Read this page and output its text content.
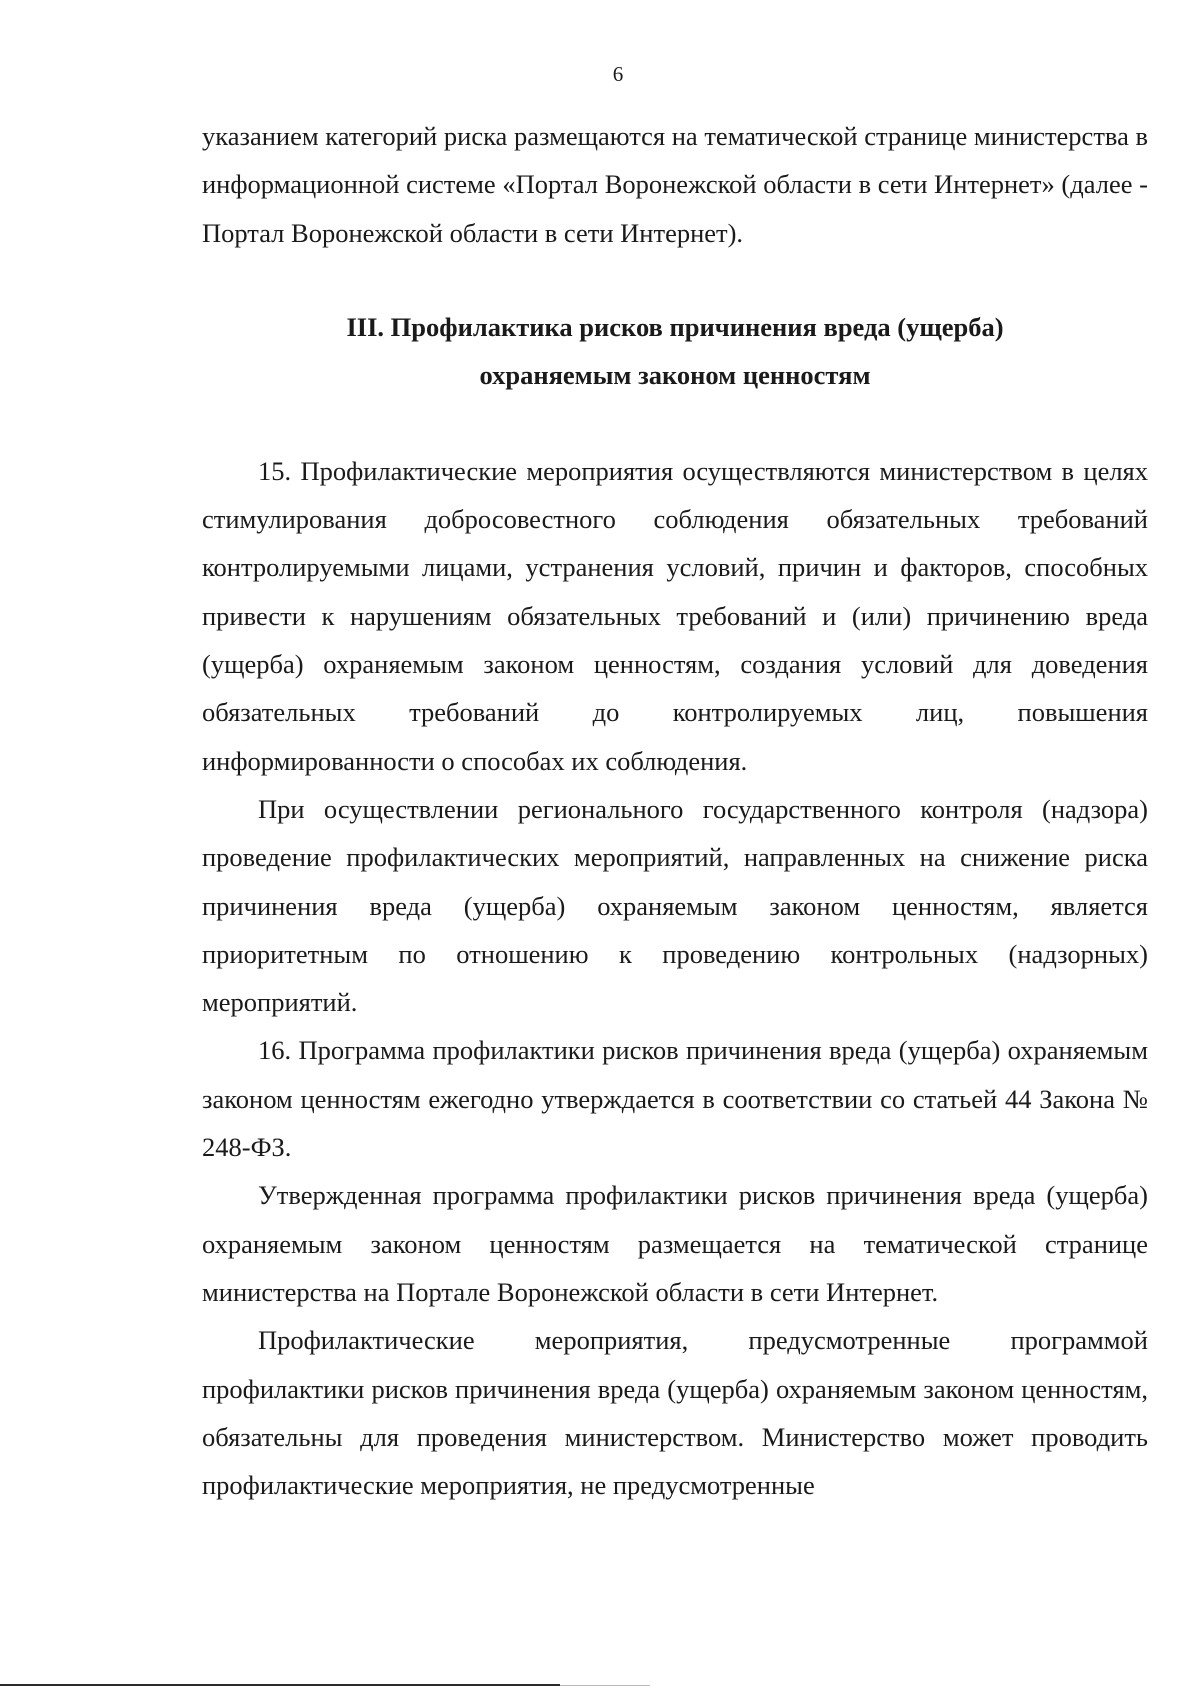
6

указанием категорий риска размещаются на тематической странице министерства в информационной системе «Портал Воронежской области в сети Интернет» (далее - Портал Воронежской области в сети Интернет).

III. Профилактика рисков причинения вреда (ущерба)

охраняемым законом ценностям

15. Профилактические мероприятия осуществляются министерством в целях стимулирования добросовестного соблюдения обязательных требований контролируемыми лицами, устранения условий, причин и факторов, способных привести к нарушениям обязательных требований и (или) причинению вреда (ущерба) охраняемым законом ценностям, создания условий для доведения обязательных требований до контролируемых лиц, повышения информированности о способах их соблюдения.

При осуществлении регионального государственного контроля (надзора) проведение профилактических мероприятий, направленных на снижение риска причинения вреда (ущерба) охраняемым законом ценностям, является приоритетным по отношению к проведению контрольных (надзорных) мероприятий.

16. Программа профилактики рисков причинения вреда (ущерба) охраняемым законом ценностям ежегодно утверждается в соответствии со статьей 44 Закона № 248-ФЗ.

Утвержденная программа профилактики рисков причинения вреда (ущерба) охраняемым законом ценностям размещается на тематической странице министерства на Портале Воронежской области в сети Интернет.

Профилактические мероприятия, предусмотренные программой профилактики рисков причинения вреда (ущерба) охраняемым законом ценностям, обязательны для проведения министерством. Министерство может проводить профилактические мероприятия, не предусмотренные
